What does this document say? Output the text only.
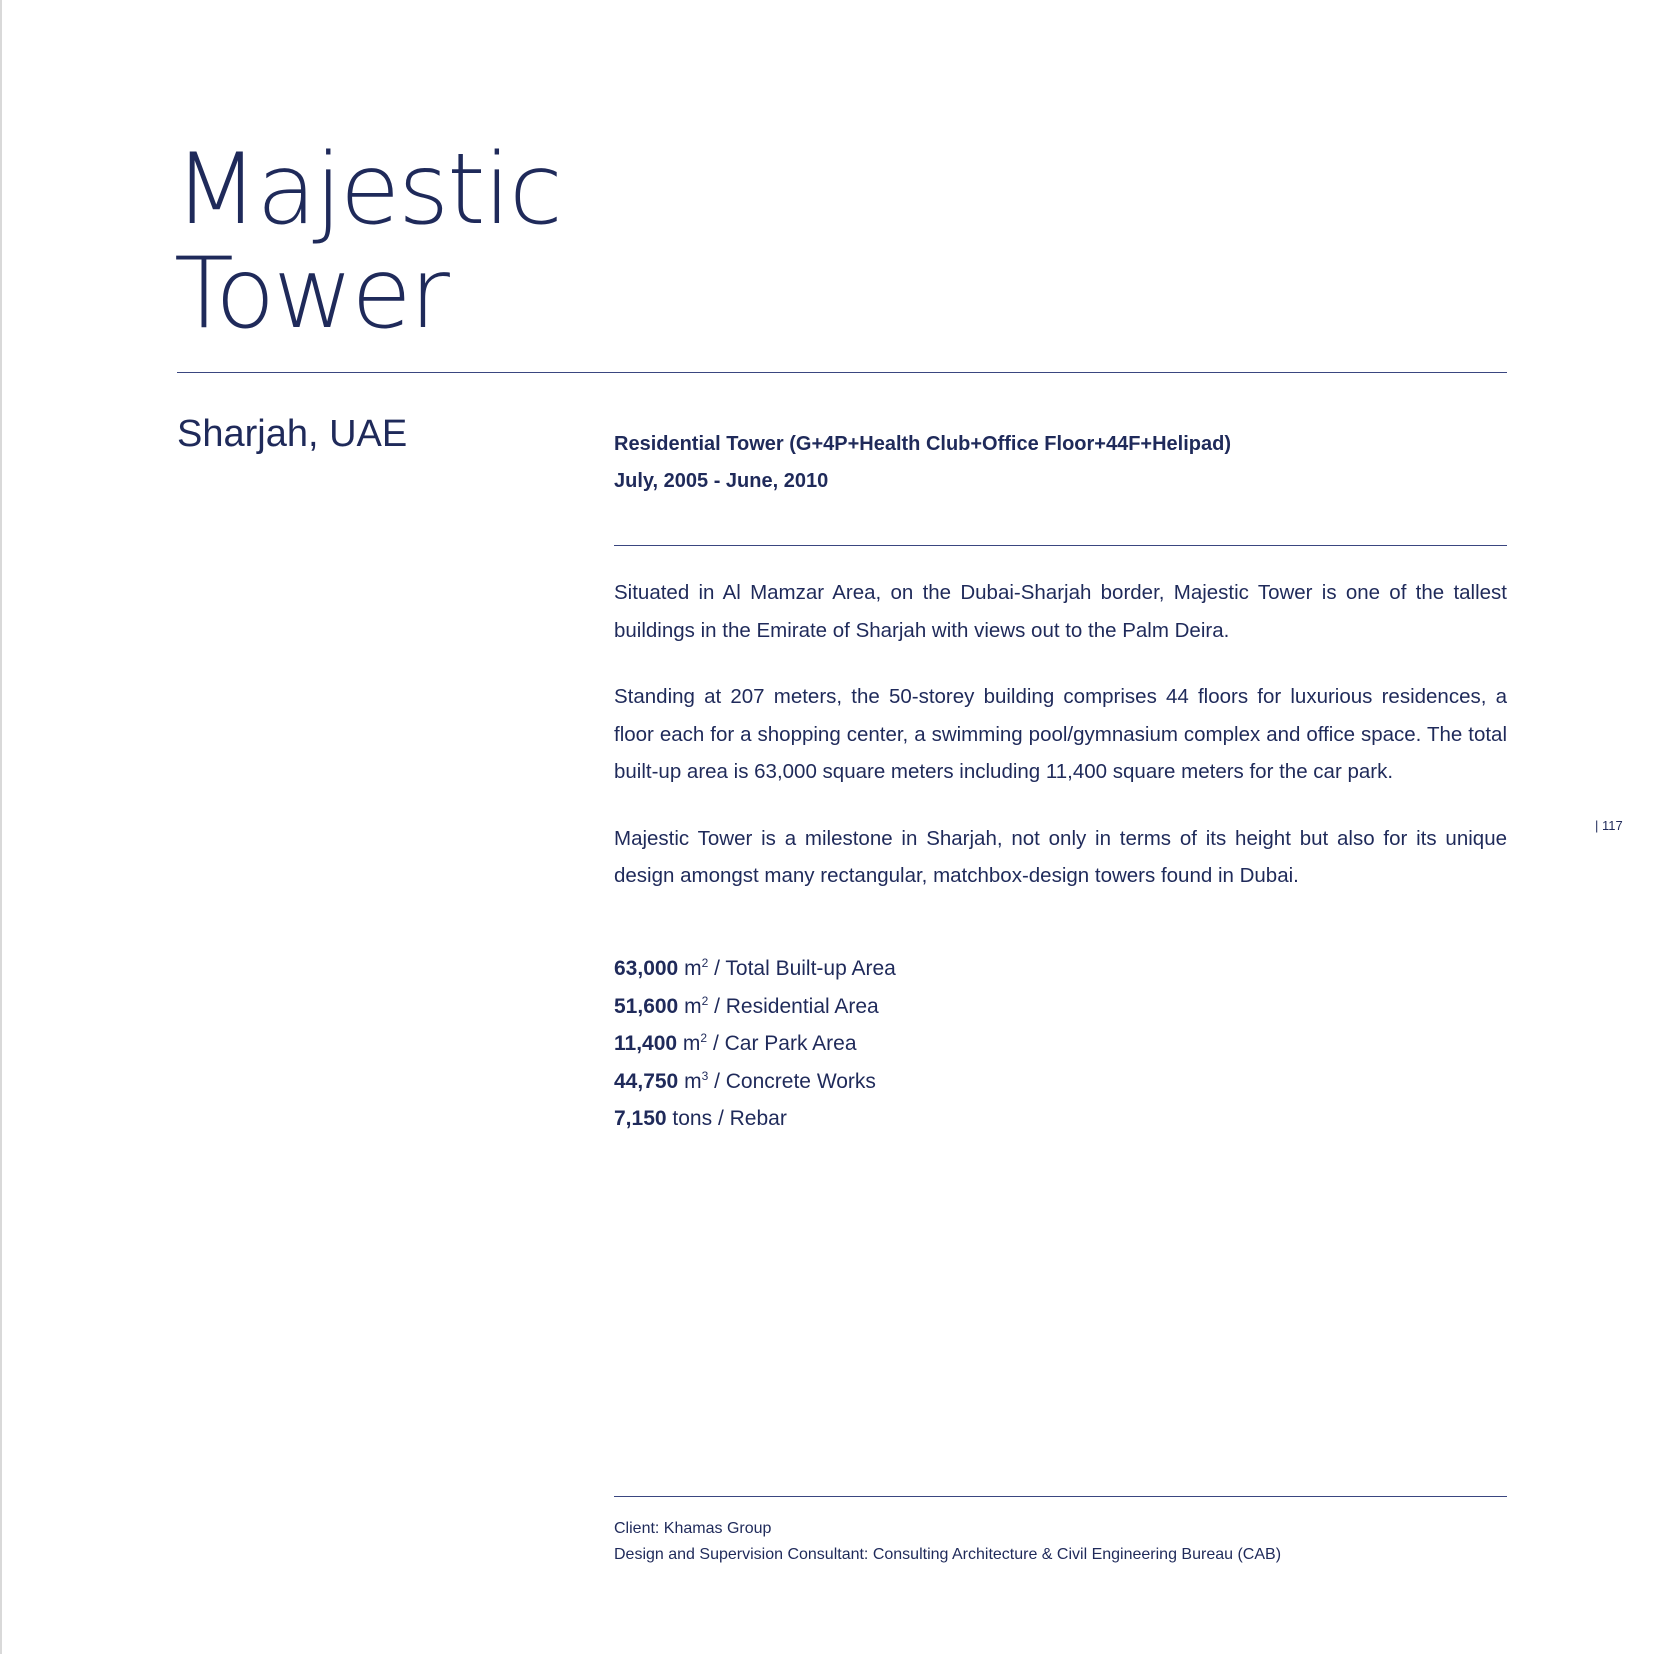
Majestic
Tower
Sharjah, UAE	Residential Tower (G+4P+Health Club+Office Floor+44F+Helipad)
July, 2005 - June, 2010

Situated in Al Mamzar Area, on the Dubai-Sharjah border, Majestic Tower is one of the tallest buildings in the Emirate of Sharjah with views out to the Palm Deira.

Standing at 207 meters, the 50-storey building comprises 44 floors for luxurious residences, a floor each for a shopping center, a swimming pool/gymnasium complex and office space. The total built-up area is 63,000 square meters including 11,400 square meters for the car park.

Majestic Tower is a milestone in Sharjah, not only in terms of its height but also for its unique design amongst many rectangular, matchbox-design towers found in Dubai.

| 117
63,000 $m^2$ / Total Built-up Area
51,600 $m^2$ / Residential Area
11,400 $m^2$ / Car Park Area
44,750 $m^3$ / Concrete Works
7,150 tons / Rebar
Client: Khamas Group
Design and Supervision Consultant: Consulting Architecture & Civil Engineering Bureau (CAB)
